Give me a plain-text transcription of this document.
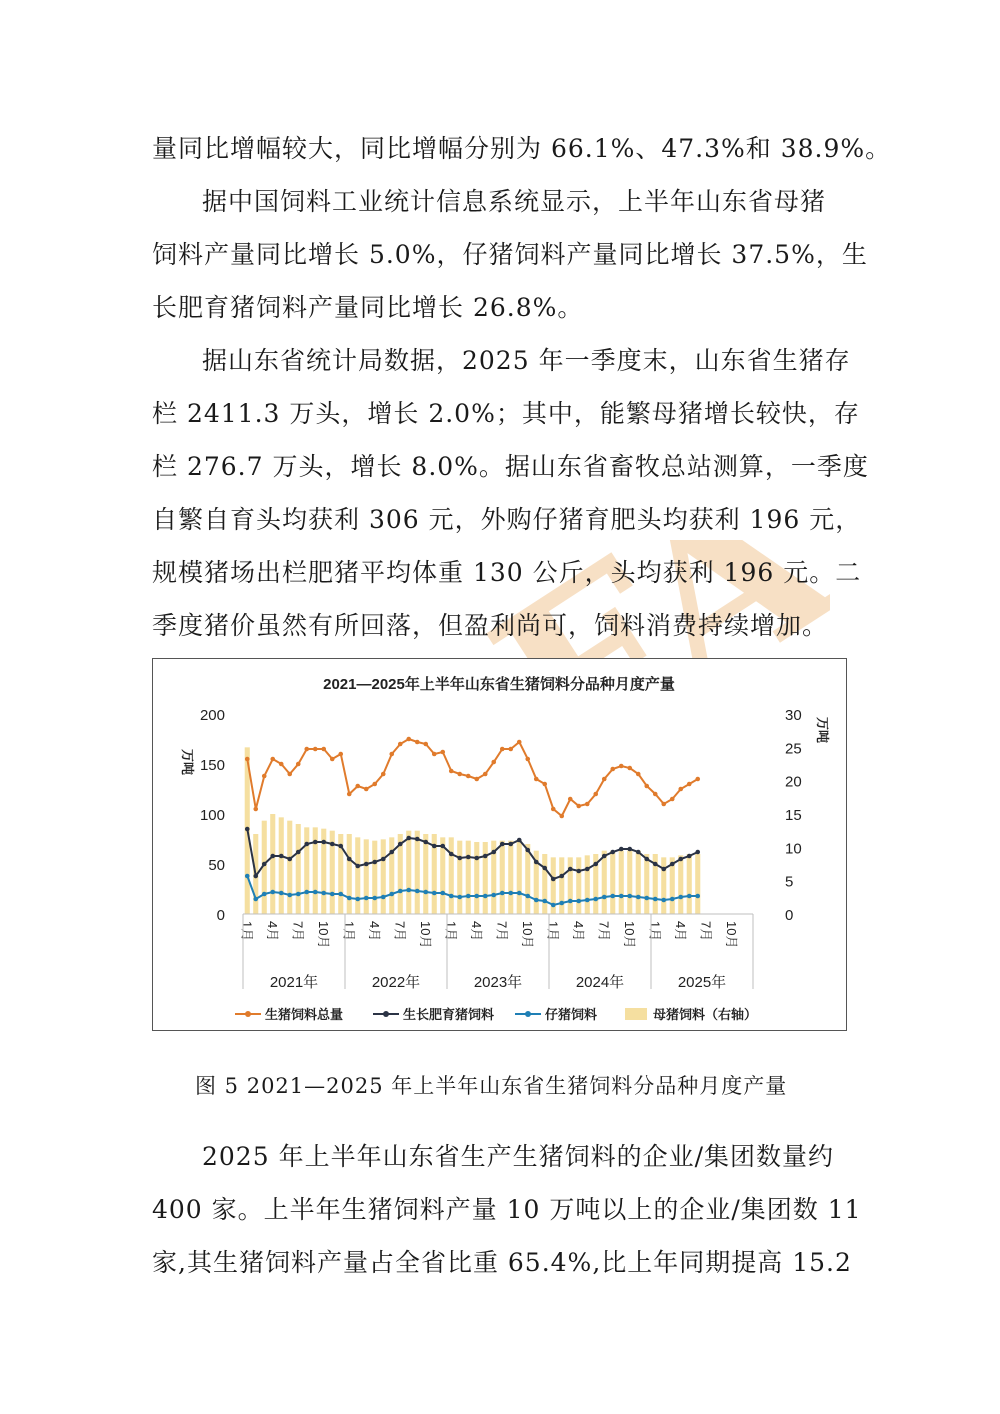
量同比增幅较大，同比增幅分别为 66.1%、47.3%和 38.9%。
据中国饲料工业统计信息系统显示，上半年山东省母猪
饲料产量同比增长 5.0%，仔猪饲料产量同比增长 37.5%，生
长肥育猪饲料产量同比增长 26.8%。
据山东省统计局数据，2025 年一季度末，山东省生猪存
栏 2411.3 万头，增长 2.0%；其中，能繁母猪增长较快，存
栏 276.7 万头，增长 8.0%。据山东省畜牧总站测算，一季度
自繁自育头均获利 306 元，外购仔猪育肥头均获利 196 元，
规模猪场出栏肥猪平均体重 130 公斤，头均获利 196 元。二
季度猪价虽然有所回落，但盈利尚可，饲料消费持续增加。
2021—2025年上半年山东省生猪饲料分品种月度产量
万吨
万吨
0
50
100
150
200
0
5
10
15
20
25
30
1月 4月 7月 10月 1月 4月 7月 10月 1月 4月 7月 10月 1月 4月 7月 10月 1月 4月 7月 10月
2021年	2022年	2023年	2024年	2025年
生猪饲料总量	生长肥育猪饲料	仔猪饲料	母猪饲料（右轴）
图 5 2021—2025 年上半年山东省生猪饲料分品种月度产量
2025 年上半年山东省生产生猪饲料的企业/集团数量约
400 家。上半年生猪饲料产量 10 万吨以上的企业/集团数 11
家,其生猪饲料产量占全省比重 65.4%,比上年同期提高 15.2
